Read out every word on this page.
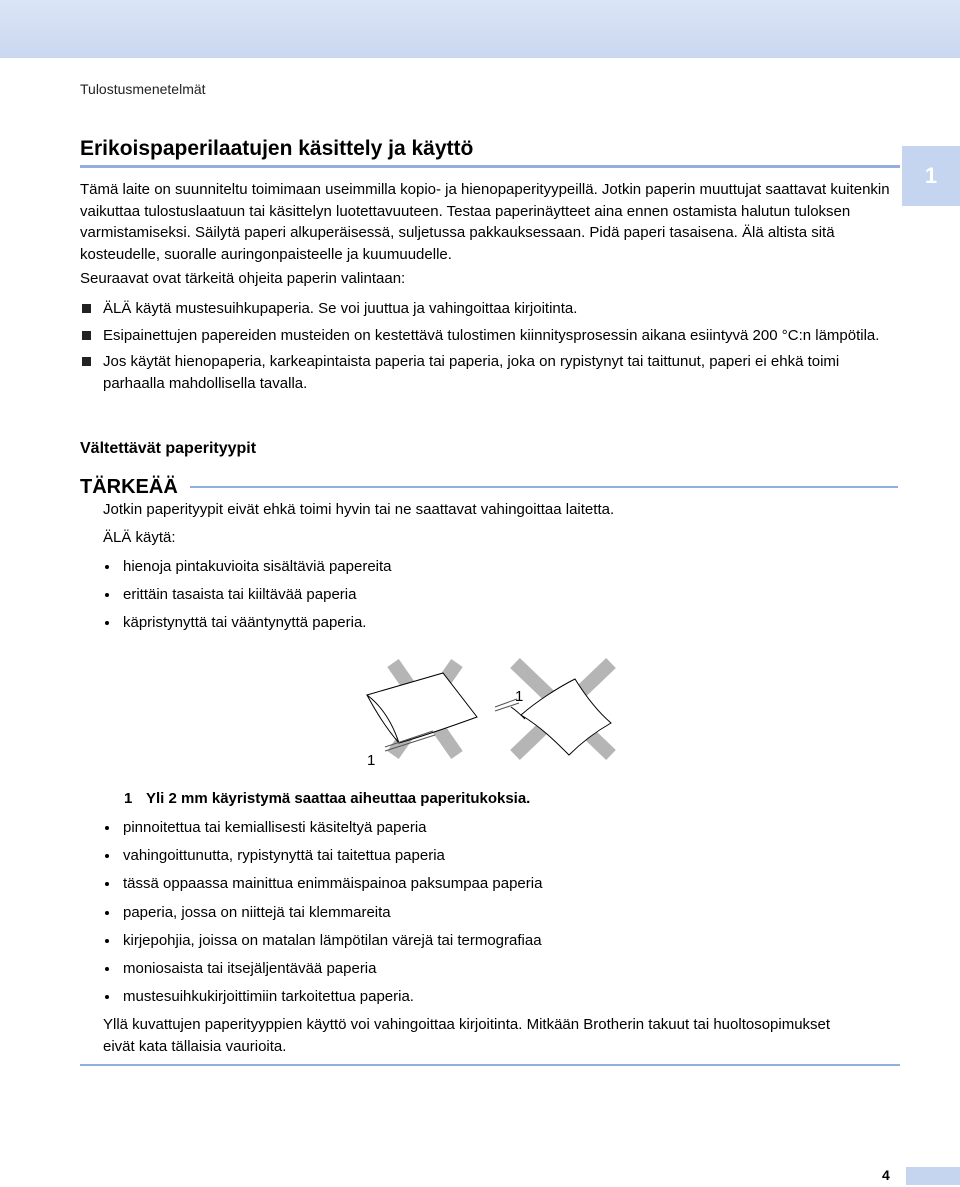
Tulostusmenetelmät
Erikoispaperilaatujen käsittely ja käyttö
1

Tämä laite on suunniteltu toimimaan useimmilla kopio- ja hienopaperityypeillä. Jotkin paperin muuttujat saattavat kuitenkin vaikuttaa tulostuslaatuun tai käsittelyn luotettavuuteen. Testaa paperinäytteet aina ennen ostamista halutun tuloksen varmistamiseksi. Säilytä paperi alkuperäisessä, suljetussa pakkauksessaan. Pidä paperi tasaisena. Älä altista sitä kosteudelle, suoralle auringonpaisteelle ja kuumuudelle.

Seuraavat ovat tärkeitä ohjeita paperin valintaan:

ÄLÄ käytä mustesuihkupaperia. Se voi juuttua ja vahingoittaa kirjoitinta.
Esipainettujen papereiden musteiden on kestettävä tulostimen kiinnitysprosessin aikana esiintyvä 200 °C:n lämpötila.
Jos käytät hienopaperia, karkeapintaista paperia tai paperia, joka on rypistynyt tai taittunut, paperi ei ehkä toimi parhaalla mahdollisella tavalla.
Vältettävät paperityypit
TÄRKEÄÄ

Jotkin paperityypit eivät ehkä toimi hyvin tai ne saattavat vahingoittaa laitetta.

ÄLÄ käytä:

hienoja pintakuvioita sisältäviä papereita
erittäin tasaista tai kiiltävää paperia
käpristynyttä tai vääntynyttä paperia.
1
1
1 Yli 2 mm käyristymä saattaa aiheuttaa paperitukoksia.
pinnoitettua tai kemiallisesti käsiteltyä paperia
vahingoittunutta, rypistynyttä tai taitettua paperia
tässä oppaassa mainittua enimmäispainoa paksumpaa paperia
paperia, jossa on niittejä tai klemmareita
kirjepohjia, joissa on matalan lämpötilan värejä tai termografiaa
moniosaista tai itsejäljentävää paperia
mustesuihkukirjoittimiin tarkoitettua paperia.

Yllä kuvattujen paperityyppien käyttö voi vahingoittaa kirjoitinta. Mitkään Brotherin takuut tai huoltosopimukset eivät kata tällaisia vaurioita.

4
